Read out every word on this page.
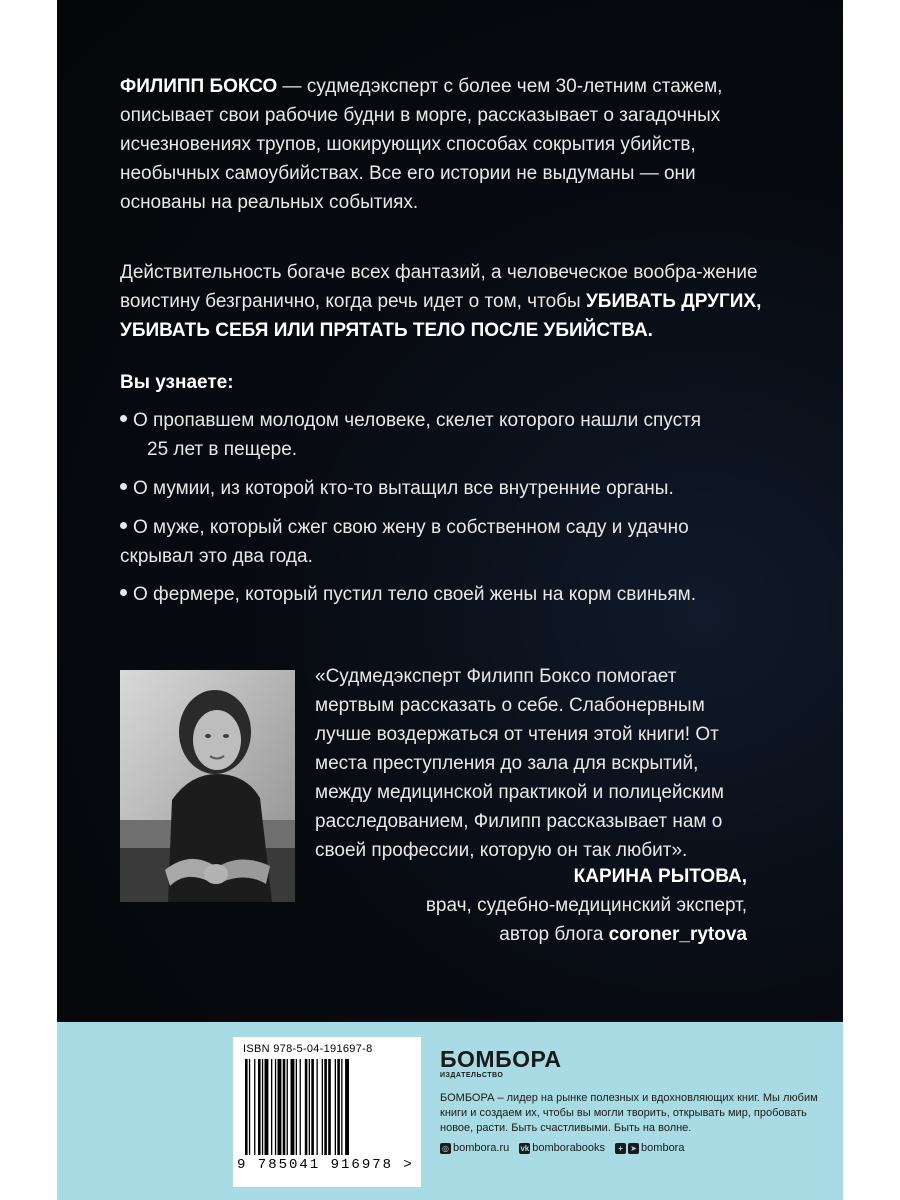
ФИЛИПП БОКСО — судмедэксперт с более чем 30-летним стажем, описывает свои рабочие будни в морге, рассказывает о загадочных исчезновениях трупов, шокирующих способах сокрытия убийств, необычных самоубийствах. Все его истории не выдуманы — они основаны на реальных событиях.

Действительность богаче всех фантазий, а человеческое вообра-жение воистину безгранично, когда речь идет о том, чтобы УБИВАТЬ ДРУГИХ, УБИВАТЬ СЕБЯ ИЛИ ПРЯТАТЬ ТЕЛО ПОСЛЕ УБИЙСТВА.

Вы узнаете:

О пропавшем молодом человеке, скелет которого нашли спустя
25 лет в пещере.

О мумии, из которой кто-то вытащил все внутренние органы.

О муже, который сжег свою жену в собственном саду и удачно
скрывал это два года.

О фермере, который пустил тело своей жены на корм свиньям.

«Судмедэксперт Филипп Боксо помогает мертвым рассказать о себе. Слабонервным лучше воздержаться от чтения этой книги! От места преступления до зала для вскрытий, между медицинской практикой и полицейским расследованием, Филипп рассказывает нам о своей профессии, которую он так любит».

КАРИНА РЫТОВА,
врач, судебно-медицинский эксперт,
автор блога coroner_rytova
ISBN 978-5-04-191697-8
9 785041 916978 >
БОМБОРА
ИЗДАТЕЛЬСТВО
БОМБОРА – лидер на рынке полезных и вдохновляющих книг. Мы любим книги и создаем их, чтобы вы могли творить, открывать мир, пробовать новое, расти. Быть счастливыми. Быть на волне.
◎ bombora.ru vk bomborabooks	+ ➤ bombora
